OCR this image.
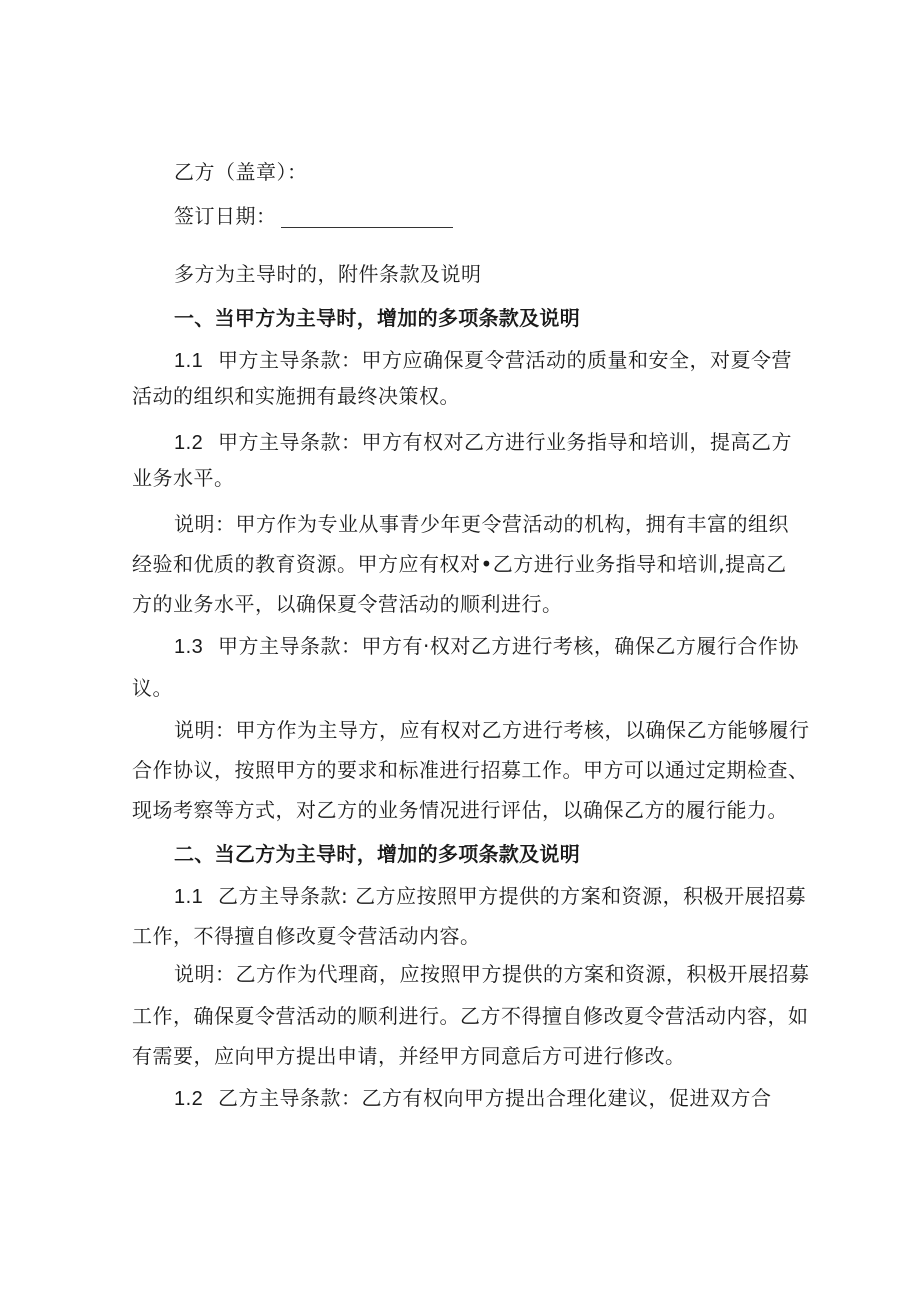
乙方（盖章）：
签订日期：
多方为主导时的，附件条款及说明
一、当甲方为主导时，增加的多项条款及说明
1.1 甲方主导条款：甲方应确保夏令营活动的质量和安全，对夏令营
活动的组织和实施拥有最终决策权。
1.2 甲方主导条款：甲方有权对乙方进行业务指导和培训，提高乙方
业务水平。
说明：甲方作为专业从事青少年更令营活动的机构，拥有丰富的组织
经验和优质的教育资源。甲方应有权对•乙方进行业务指导和培训,提高乙
方的业务水平，以确保夏令营活动的顺利进行。
1.3 甲方主导条款：甲方有·权对乙方进行考核，确保乙方履行合作协
议。
说明：甲方作为主导方，应有权对乙方进行考核，以确保乙方能够履行
合作协议，按照甲方的要求和标准进行招募工作。甲方可以通过定期检查、
现场考察等方式，对乙方的业务情况进行评估，以确保乙方的履行能力。
二、当乙方为主导时，增加的多项条款及说明
1.1 乙方主导条款: 乙方应按照甲方提供的方案和资源，积极开展招募
工作，不得擅自修改夏令营活动内容。
说明：乙方作为代理商，应按照甲方提供的方案和资源，积极开展招募
工作，确保夏令营活动的顺利进行。乙方不得擅自修改夏令营活动内容，如
有需要，应向甲方提出申请，并经甲方同意后方可进行修改。
1.2 乙方主导条款：乙方有权向甲方提出合理化建议，促进双方合
